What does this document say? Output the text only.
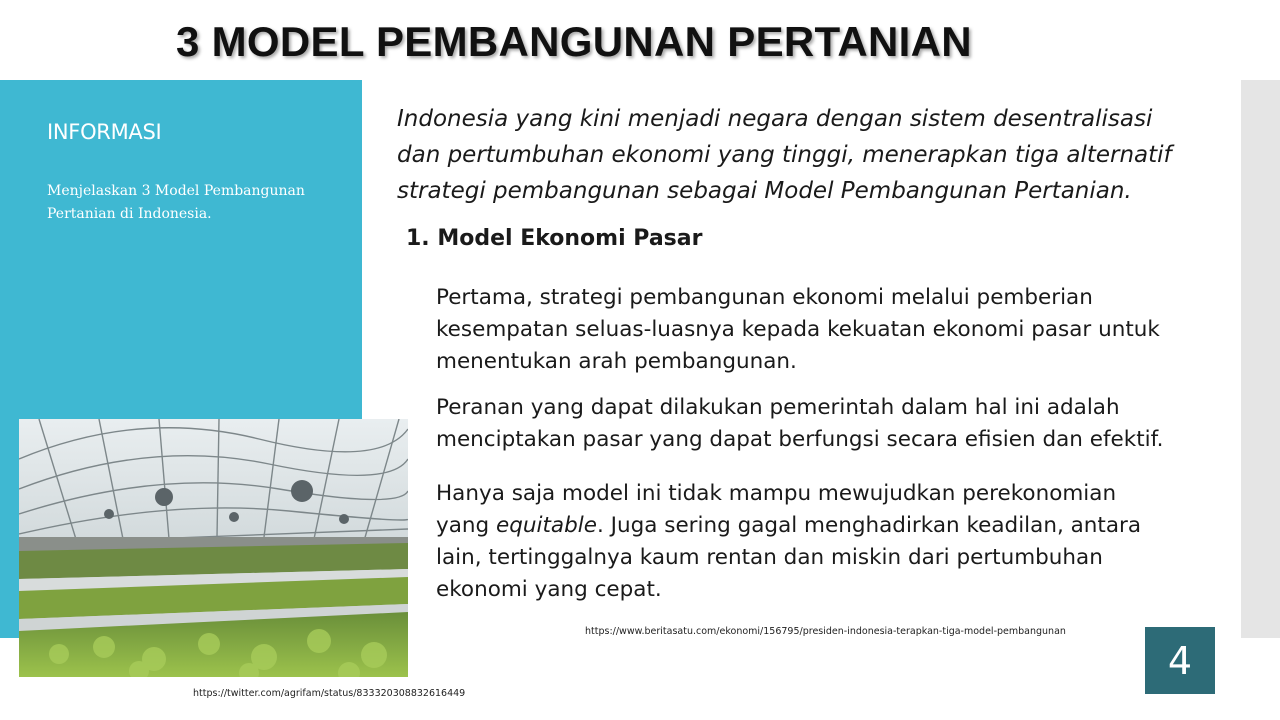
3 MODEL PEMBANGUNAN PERTANIAN
INFORMASI
Menjelaskan 3 Model Pembangunan Pertanian di Indonesia.
Indonesia yang kini menjadi negara dengan sistem desentralisasi
dan pertumbuhan ekonomi yang tinggi, menerapkan tiga alternatif
strategi pembangunan sebagai Model Pembangunan Pertanian.
1. Model Ekonomi Pasar
Pertama, strategi pembangunan ekonomi melalui pemberian
kesempatan seluas-luasnya kepada kekuatan ekonomi pasar untuk
menentukan arah pembangunan.
Peranan yang dapat dilakukan pemerintah dalam hal ini adalah
menciptakan pasar yang dapat berfungsi secara efisien dan efektif.
Hanya saja model ini tidak mampu mewujudkan perekonomian
yang equitable. Juga sering gagal menghadirkan keadilan, antara
lain, tertinggalnya kaum rentan dan miskin dari pertumbuhan
ekonomi yang cepat.
https://www.beritasatu.com/ekonomi/156795/presiden-indonesia-terapkan-tiga-model-pembangunan
https://twitter.com/agrifam/status/833320308832616449
4
